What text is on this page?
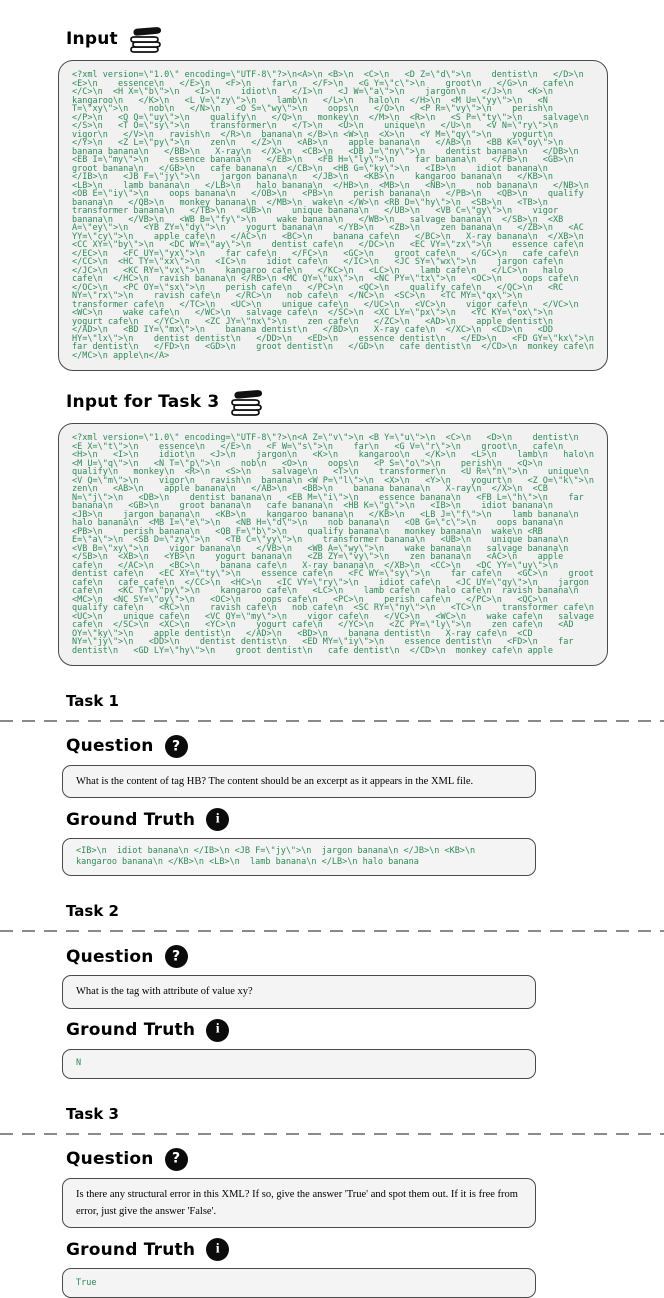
Input
<?xml version=\"1.0\" encoding=\"UTF-8\"?>\n<A>\n <B>\n  <C>\n   <D Z=\"d\">\n    dentist\n   </D>\n   <E>\n    essence\n   </E>\n   <F>\n    far\n   </F>\n   <G Y=\"c\">\n    groot\n   </G>\n   cafe\n  </C>\n  <H X=\"b\">\n   <I>\n    idiot\n   </I>\n   <J W=\"a\">\n    jargon\n   </J>\n   <K>\n    kangaroo\n   </K>\n   <L V=\"zy\">\n    lamb\n   </L>\n   halo\n  </H>\n  <M U=\"yy\">\n   <N T=\"xy\">\n    nob\n   </N>\n   <O S=\"wy\">\n    oops\n   </O>\n   <P R=\"vy\">\n    perish\n   </P>\n   <Q Q=\"uy\">\n    qualify\n   </Q>\n   monkey\n  </M>\n  <R>\n   <S P=\"ty\">\n    salvage\n   </S>\n   <T O=\"sy\">\n    transformer\n   </T>\n   <U>\n    unique\n   </U>\n   <V N=\"ry\">\n    vigor\n   </V>\n   ravish\n  </R>\n  banana\n </B>\n <W>\n  <X>\n   <Y M=\"qy\">\n    yogurt\n   </Y>\n   <Z L=\"py\">\n    zen\n   </Z>\n   <AB>\n    apple banana\n   </AB>\n   <BB K=\"oy\">\n    banana banana\n   </BB>\n   X-ray\n  </X>\n  <CB>\n   <DB J=\"ny\">\n    dentist banana\n   </DB>\n   <EB I=\"my\">\n    essence banana\n   </EB>\n   <FB H=\"ly\">\n    far banana\n   </FB>\n   <GB>\n    groot banana\n   </GB>\n   cafe banana\n  </CB>\n  <HB G=\"ky\">\n   <IB>\n    idiot banana\n   </IB>\n   <JB F=\"jy\">\n    jargon banana\n   </JB>\n   <KB>\n    kangaroo banana\n   </KB>\n   <LB>\n    lamb banana\n   </LB>\n   halo banana\n  </HB>\n  <MB>\n   <NB>\n    nob banana\n   </NB>\n   <OB E=\"iy\">\n    oops banana\n   </OB>\n   <PB>\n    perish banana\n   </PB>\n   <QB>\n    qualify banana\n   </QB>\n   monkey banana\n  </MB>\n  wake\n </W>\n <RB D=\"hy\">\n  <SB>\n   <TB>\n    transformer banana\n   </TB>\n   <UB>\n    unique banana\n   </UB>\n   <VB C=\"gy\">\n    vigor banana\n   </VB>\n   <WB B=\"fy\">\n    wake banana\n   </WB>\n   salvage banana\n  </SB>\n  <XB A=\"ey\">\n   <YB ZY=\"dy\">\n    yogurt banana\n   </YB>\n   <ZB>\n    zen banana\n   </ZB>\n   <AC YY=\"cy\">\n    apple cafe\n   </AC>\n   <BC>\n    banana cafe\n   </BC>\n   X-ray banana\n  </XB>\n  <CC XY=\"by\">\n   <DC WY=\"ay\">\n    dentist cafe\n   </DC>\n   <EC VY=\"zx\">\n    essence cafe\n   </EC>\n   <FC UY=\"yx\">\n    far cafe\n   </FC>\n   <GC>\n    groot cafe\n   </GC>\n   cafe cafe\n  </CC>\n  <HC TY=\"xx\">\n   <IC>\n    idiot cafe\n   </IC>\n   <JC SY=\"wx\">\n    jargon cafe\n   </JC>\n   <KC RY=\"vx\">\n    kangaroo cafe\n   </KC>\n   <LC>\n    lamb cafe\n   </LC>\n   halo cafe\n  </HC>\n  ravish banana\n </RB>\n <MC QY=\"ux\">\n  <NC PY=\"tx\">\n   <OC>\n    oops cafe\n   </OC>\n   <PC OY=\"sx\">\n    perish cafe\n   </PC>\n   <QC>\n    qualify cafe\n   </QC>\n   <RC NY=\"rx\">\n    ravish cafe\n   </RC>\n   nob cafe\n  </NC>\n  <SC>\n   <TC MY=\"qx\">\n    transformer cafe\n   </TC>\n   <UC>\n    unique cafe\n   </UC>\n   <VC>\n    vigor cafe\n   </VC>\n   <WC>\n    wake cafe\n   </WC>\n   salvage cafe\n  </SC>\n  <XC LY=\"px\">\n   <YC KY=\"ox\">\n    yogurt cafe\n   </YC>\n   <ZC JY=\"nx\">\n    zen cafe\n   </ZC>\n   <AD>\n    apple dentist\n   </AD>\n   <BD IY=\"mx\">\n    banana dentist\n   </BD>\n   X-ray cafe\n  </XC>\n  <CD>\n   <DD HY=\"lx\">\n    dentist dentist\n   </DD>\n   <ED>\n    essence dentist\n   </ED>\n   <FD GY=\"kx\">\n    far dentist\n   </FD>\n   <GD>\n    groot dentist\n   </GD>\n   cafe dentist\n  </CD>\n  monkey cafe\n </MC>\n apple\n</A>
Input for Task 3
<?xml version=\"1.0\" encoding=\"UTF-8\"?>\n<A Z=\"v\">\n <B Y=\"u\">\n  <C>\n   <D>\n    dentist\n   <E X=\"t\">\n    essence\n   </E>\n   <F W=\"s\">\n    far\n   <G V=\"r\">\n    groot\n   cafe\n  <H>\n   <I>\n    idiot\n   <J>\n    jargon\n   <K>\n    kangaroo\n   </K>\n   <L>\n    lamb\n   halo\n  <M U=\"q\">\n   <N T=\"p\">\n    nob\n   <O>\n    oops\n   <P S=\"o\">\n    perish\n   <Q>\n    qualify\n   monkey\n  <R>\n   <S>\n    salvage\n   <T>\n    transformer\n   <U R=\"n\">\n    unique\n   <V Q=\"m\">\n    vigor\n   ravish\n  banana\n <W P=\"l\">\n  <X>\n   <Y>\n    yogurt\n   <Z O=\"k\">\n    zen\n   <AB>\n    apple banana\n   </AB>\n   <BB>\n    banana banana\n   X-ray\n  </X>\n  <CB N=\"j\">\n   <DB>\n    dentist banana\n   <EB M=\"i\">\n    essence banana\n   <FB L=\"h\">\n    far banana\n   <GB>\n    groot banana\n   cafe banana\n  <HB K=\"g\">\n   <IB>\n    idiot banana\n   <JB>\n    jargon banana\n   <KB>\n    kangaroo banana\n   </KB>\n   <LB J=\"f\">\n    lamb banana\n   halo banana\n  <MB I=\"e\">\n   <NB H=\"d\">\n    nob banana\n   <OB G=\"c\">\n    oops banana\n   <PB>\n    perish banana\n   <QB F=\"b\">\n    qualify banana\n   monkey banana\n  wake\n <RB E=\"a\">\n  <SB D=\"zy\">\n   <TB C=\"yy\">\n    transformer banana\n   <UB>\n    unique banana\n   <VB B=\"xy\">\n    vigor banana\n   </VB>\n   <WB A=\"wy\">\n    wake banana\n   salvage banana\n  </SB>\n  <XB>\n   <YB>\n    yogurt banana\n   <ZB ZY=\"vy\">\n    zen banana\n   <AC>\n    apple cafe\n   </AC>\n   <BC>\n    banana cafe\n   X-ray banana\n  </XB>\n  <CC>\n   <DC YY=\"uy\">\n    dentist cafe\n   <EC XY=\"ty\">\n    essence cafe\n   <FC WY=\"sy\">\n    far cafe\n   <GC>\n    groot cafe\n   cafe cafe\n  </CC>\n  <HC>\n   <IC VY=\"ry\">\n    idiot cafe\n   <JC UY=\"qy\">\n    jargon cafe\n   <KC TY=\"py\">\n    kangaroo cafe\n   <LC>\n    lamb cafe\n   halo cafe\n  ravish banana\n <MC>\n  <NC SY=\"oy\">\n   <OC>\n    oops cafe\n   <PC>\n    perish cafe\n   </PC>\n   <QC>\n    qualify cafe\n   <RC>\n    ravish cafe\n   nob cafe\n  <SC RY=\"ny\">\n   <TC>\n    transformer cafe\n   <UC>\n    unique cafe\n   <VC QY=\"my\">\n    vigor cafe\n   </VC>\n   <WC>\n    wake cafe\n   salvage cafe\n  </SC>\n  <XC>\n   <YC>\n    yogurt cafe\n   </YC>\n   <ZC PY=\"ly\">\n    zen cafe\n   <AD OY=\"ky\">\n    apple dentist\n   </AD>\n   <BD>\n    banana dentist\n   X-ray cafe\n  <CD NY=\"jy\">\n   <DD>\n    dentist dentist\n   <ED MY=\"iy\">\n    essence dentist\n   <FD>\n    far dentist\n   <GD LY=\"hy\">\n    groot dentist\n   cafe dentist\n  </CD>\n  monkey cafe\n apple
Task 1
Question ?
What is the content of tag HB? The content should be an excerpt as it appears in the XML file.
Ground Truth i
<IB>\n  idiot banana\n </IB>\n <JB F=\"jy\">\n  jargon banana\n </JB>\n <KB>\n  kangaroo banana\n </KB>\n <LB>\n  lamb banana\n </LB>\n halo banana
Task 2
Question ?
What is the tag with attribute of value xy?
Ground Truth i
N
Task 3
Question ?
Is there any structural error in this XML? If so, give the answer 'True' and spot them out. If it is free from error, just give the answer 'False'.
Ground Truth i
True
